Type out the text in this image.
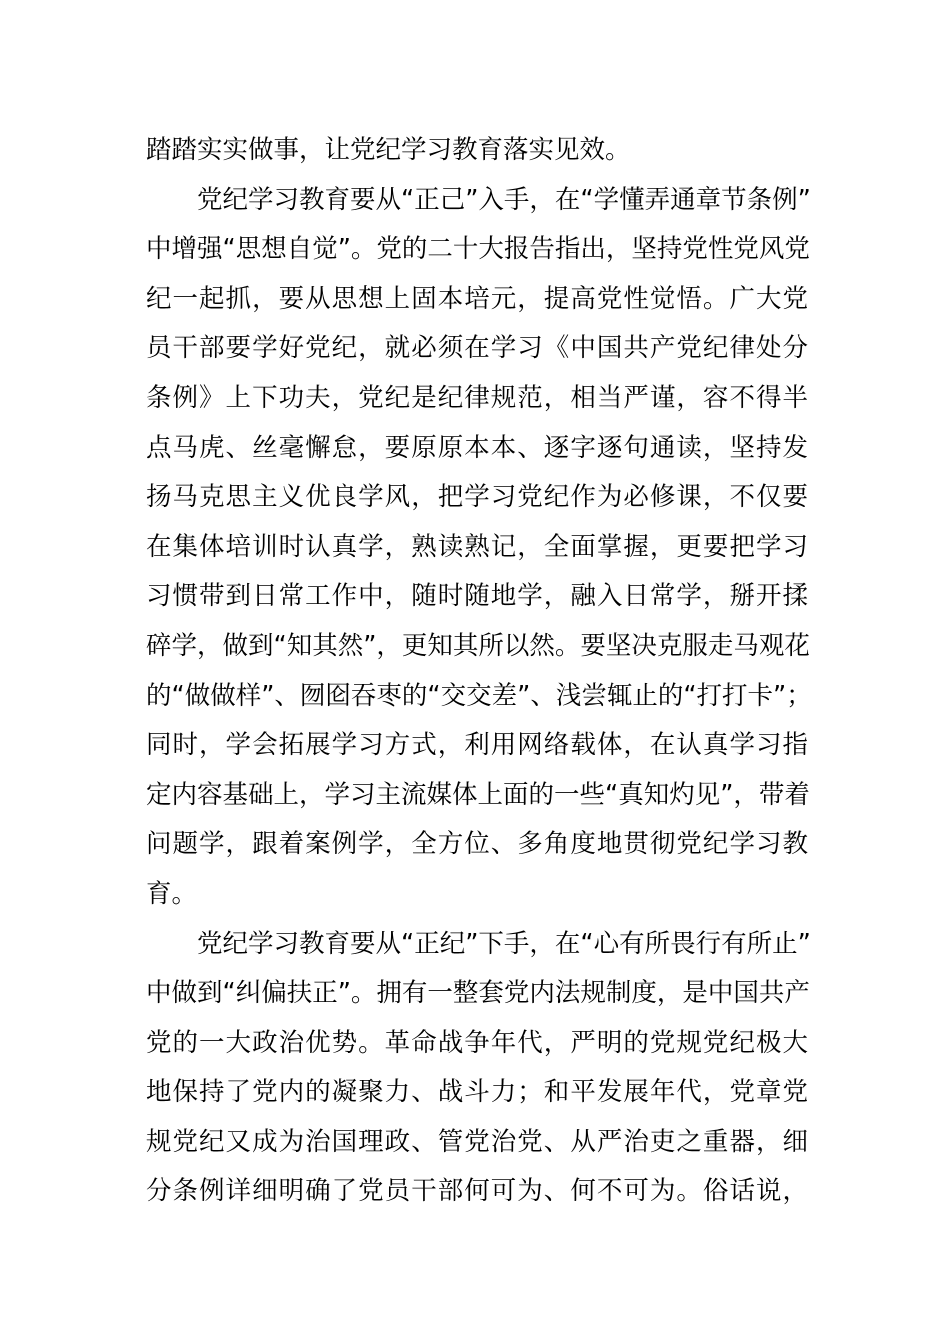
踏踏实实做事，让党纪学习教育落实见效。
党纪学习教育要从“正己”入手，在“学懂弄通章节条例”
中增强“思想自觉”。党的二十大报告指出，坚持党性党风党
纪一起抓，要从思想上固本培元，提高党性觉悟。广大党
员干部要学好党纪，就必须在学习《中国共产党纪律处分
条例》上下功夫，党纪是纪律规范，相当严谨，容不得半
点马虎、丝毫懈怠，要原原本本、逐字逐句通读，坚持发
扬马克思主义优良学风，把学习党纪作为必修课，不仅要
在集体培训时认真学，熟读熟记，全面掌握，更要把学习
习惯带到日常工作中，随时随地学，融入日常学，掰开揉
碎学，做到“知其然”，更知其所以然。要坚决克服走马观花
的“做做样”、囫囵吞枣的“交交差”、浅尝辄止的“打打卡”；
同时，学会拓展学习方式，利用网络载体，在认真学习指
定内容基础上，学习主流媒体上面的一些“真知灼见”，带着
问题学，跟着案例学，全方位、多角度地贯彻党纪学习教
育。
党纪学习教育要从“正纪”下手，在“心有所畏行有所止”
中做到“纠偏扶正”。拥有一整套党内法规制度，是中国共产
党的一大政治优势。革命战争年代，严明的党规党纪极大
地保持了党内的凝聚力、战斗力；和平发展年代，党章党
规党纪又成为治国理政、管党治党、从严治吏之重器，细
分条例详细明确了党员干部何可为、何不可为。俗话说，
